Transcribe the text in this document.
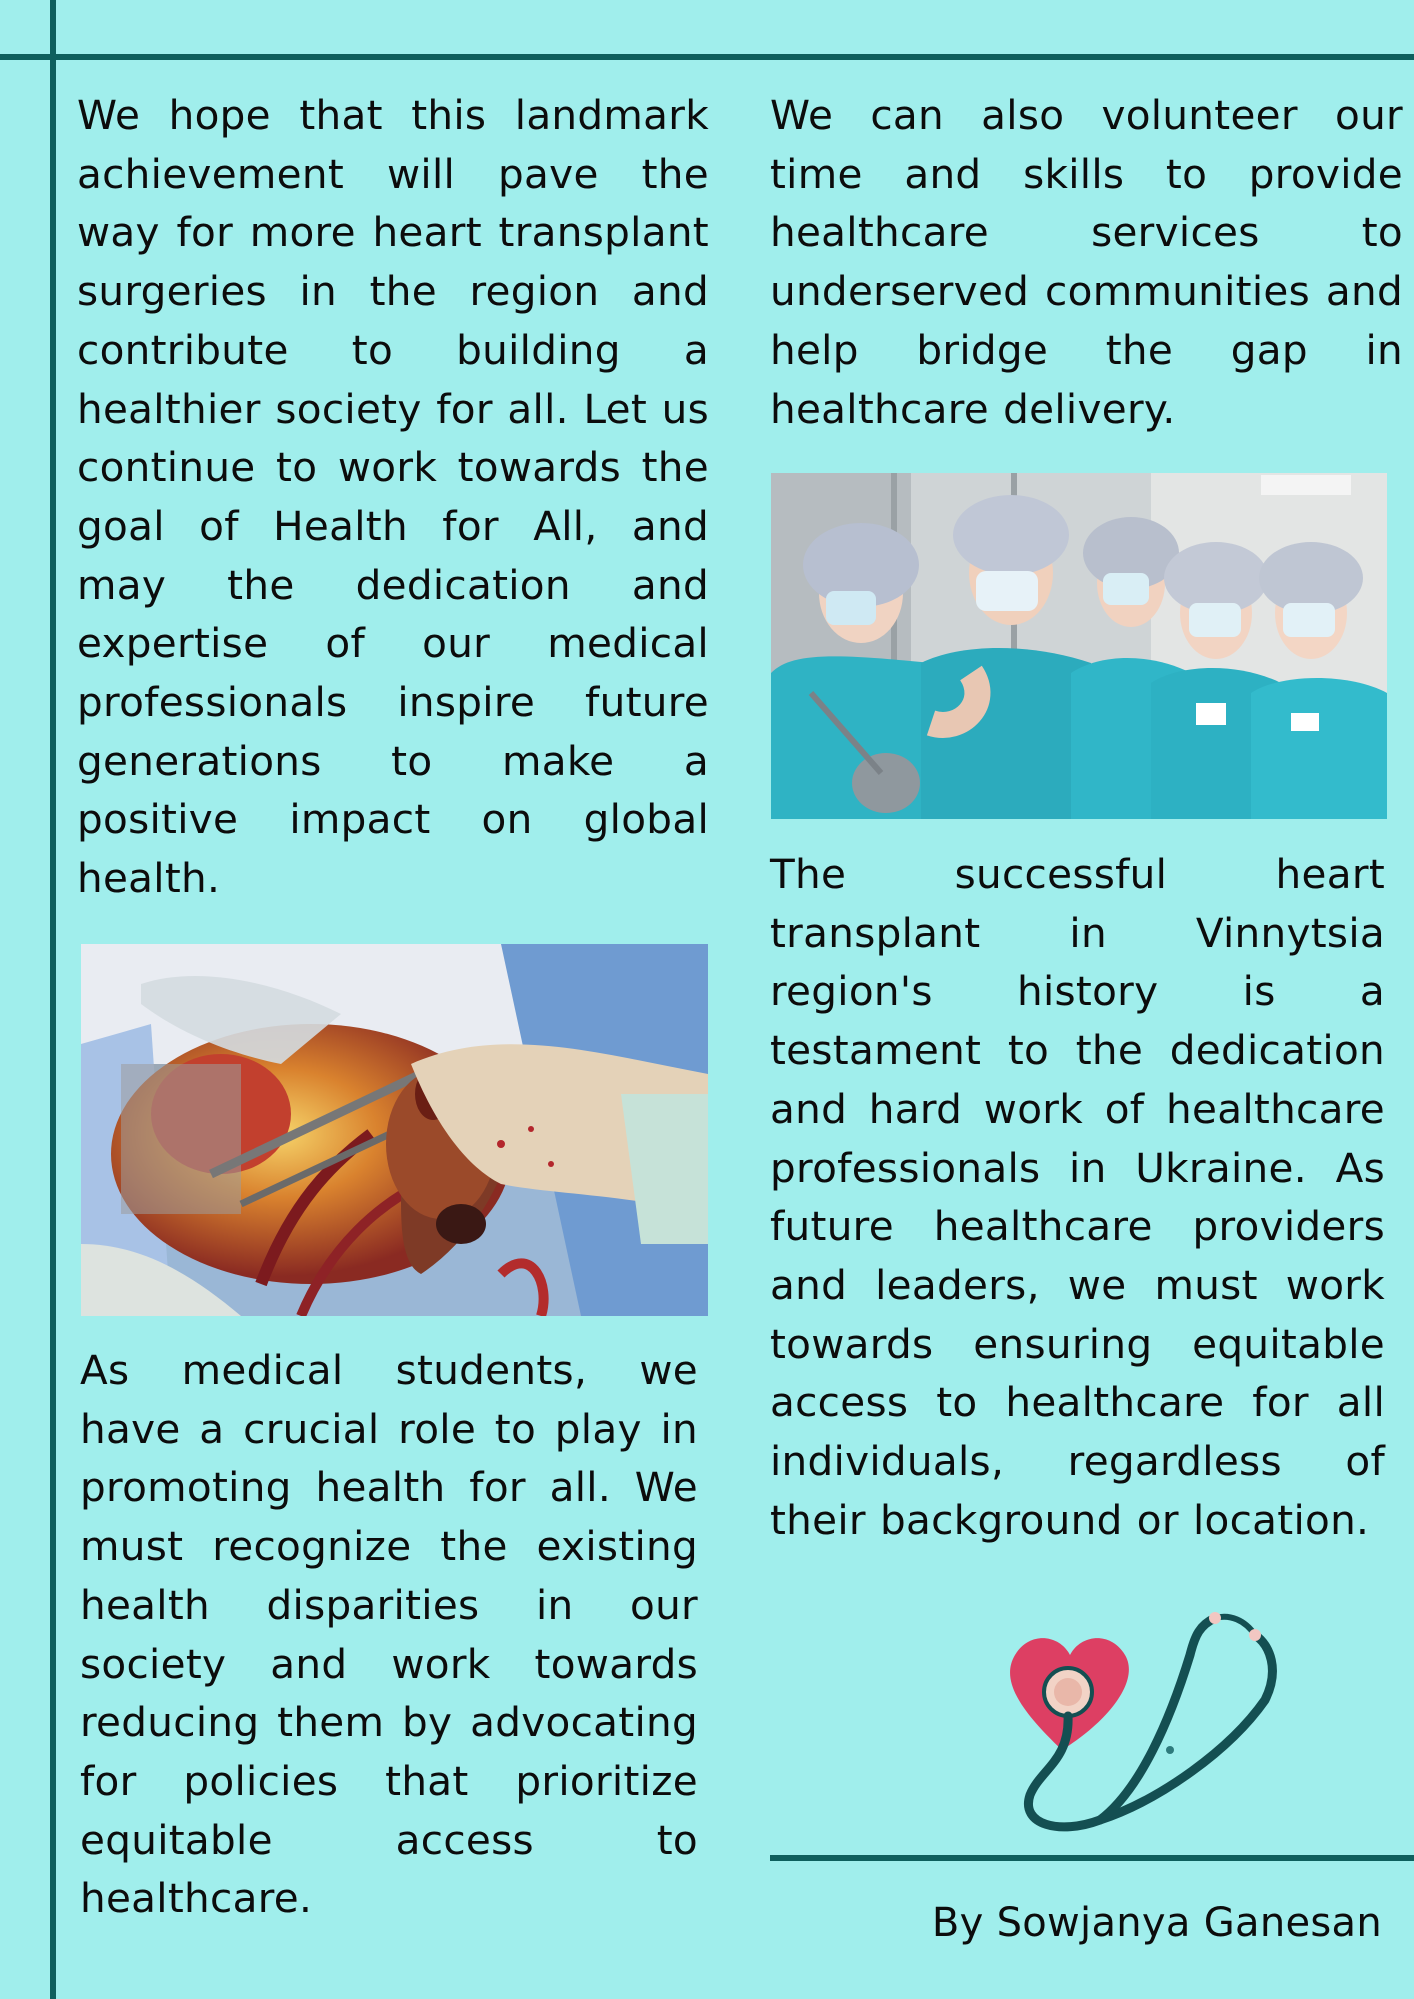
We hope that this landmark achievement will pave the way for more heart transplant surgeries in the region and contribute to building a healthier society for all. Let us continue to work towards the goal of Health for All, and may the dedication and expertise of our medical professionals inspire future generations to make a positive impact on global health.

As medical students, we have a crucial role to play in promoting health for all. We must recognize the existing health disparities in our society and work towards reducing them by advocating for policies that prioritize equitable access to healthcare.

We can also volunteer our time and skills to provide healthcare services to underserved communities and help bridge the gap in healthcare delivery.

The successful heart transplant in Vinnytsia region's history is a testament to the dedication and hard work of healthcare professionals in Ukraine. As future healthcare providers and leaders, we must work towards ensuring equitable access to healthcare for all individuals, regardless of their background or location.

By Sowjanya Ganesan
